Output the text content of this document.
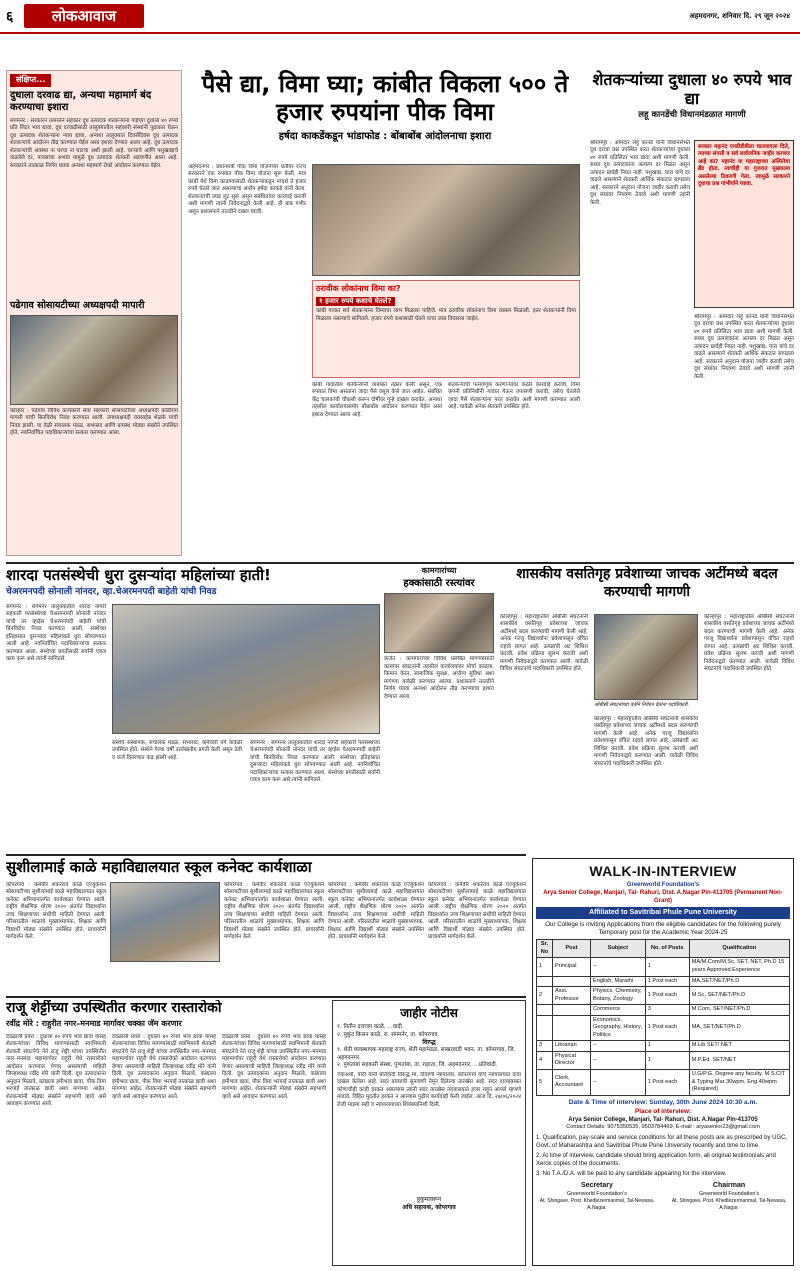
६	लोकआवाज	अहमदनगर, शनिवार दि. २९ जून २०२४
संक्षिप्त...
दुधाला दरवाढ द्या, अन्यथा महामार्ग बंद करण्याचा इशारा
संगमनेर : सरकारने तत्परतेने सहकार दूध उत्पादक शेतकऱ्यांना गाईच्या दुधाला ४० रुपये प्रति लिटर भाव द्यावा, दूध दरवाढीसाठी तालुक्यातील सहकारी संस्थांनी पुढाकार घेऊन दूध उत्पादक शेतकऱ्यांना न्याय द्यावा, अन्यथा तालुक्यात दिवसेंदिवस दूध उत्पादक शेतकऱ्यांचे आंदोलन तीव्र करण्यात येईल असा इशारा देण्यात आला आहे. दूध उत्पादक शेतकऱ्यांची अवस्था ना घरचा ना घाटचा अशी झाली आहे. चाऱ्याचे आणि पशुखाद्याचे वाढलेले दर, पावसाचा अभाव यामुळे दूध उत्पादक शेतकरी अडचणीत आला आहे. सरकारने तात्काळ निर्णय घ्यावा अन्यथा महामार्ग रोको आंदोलन करण्यात येईल.
पढेगाव सोसायटीच्या अध्यक्षपदी मापारी
कोल्हार : पढेगाव विविध कार्यकारी सेवा सहकारी सोसायटीच्या अध्यक्षपदी कोंडीराम मापारी यांची बिनविरोध निवड करण्यात आली. उपाध्यक्षपदी रावसाहेब शेळके यांची निवड झाली. या वेळी संचालक मंडळ, सभासद आणि ग्रामस्थ मोठ्या संख्येने उपस्थित होते. नवनिर्वाचित पदाधिकाऱ्यांचा सत्कार करण्यात आला.
पैसे द्या, विमा घ्या; कांबीत विकला ५०० ते हजार रुपयांना पीक विमा
हर्षदा काकडेंकडून भांडाफोड : बोंबाबोंब आंदोलनाचा इशारा
अहमदनगर : प्रधानमंत्री पीक विमा योजनेच्या धर्तीवर राज्य सरकारने एक रुपयात पीक विमा योजना सुरू केली. मात्र कांबी येथे विमा काढण्यासाठी शेतकऱ्यांकडून पाचशे ते हजार रुपये घेतले जात असल्याचा आरोप हर्षदा काकडे यांनी केला. शेतकऱ्यांची उघड लूट सुरू असून संबंधितांवर कारवाई करावी अशी मागणी त्यांनी निवेदनाद्वारे केली आहे. ही बाब गंभीर असून प्रशासनाने तातडीने दखल घ्यावी.
ठरावीक लोकांनाच विमा का?
१ हजार रुपये कशाचे घेतले?
कांबी गावात सर्व शेतकऱ्यांना विम्याचा लाभ मिळाला पाहिजे. मात्र ठरावीक लोकांनाच विमा रक्कम मिळाली. इतर शेतकऱ्यांनी विमा मिळाला नसल्याचे सांगितले. हजार रुपये कशासाठी घेतले याचा जाब विचारला जाईल.
कांबी गावातील शेतकऱ्यांनी याबाबत तक्रार केली असून, एक रुपयात विमा असताना जादा पैसे वसूल केले जात आहेत. संबंधित केंद्र चालकांची चौकशी करून दोषींवर गुन्हे दाखल करावेत. अन्यथा तहसील कार्यालयासमोर बोंबाबोंब आंदोलन करण्यात येईल असा इशारा देण्यात आला आहे.
शेतकऱ्यांची फसवणूक करणाऱ्यांवर कठोर कारवाई करावी, विमा कंपनी प्रतिनिधींनी गावात येऊन तपासणी करावी, तसेच घेतलेले जादा पैसे शेतकऱ्यांना परत करावेत अशी मागणी करण्यात आली आहे. यावेळी अनेक शेतकरी उपस्थित होते.
शेतकऱ्यांच्या दुधाला ४० रुपये भाव द्या
लहू कानडेंची विधानमंडळात मागणी
श्रीरामपूर : आमदार लहू कानडे यांनी विधानसभेत दूध दराचा प्रश्न उपस्थित करत शेतकऱ्यांच्या दुधाला ४० रुपये प्रतिलिटर भाव द्यावा अशी मागणी केली. सध्या दूध उत्पादकांना अत्यल्प दर मिळत असून उत्पादन खर्चही निघत नाही. पशुखाद्य, चारा यांचे दर वाढले असल्याने शेतकरी आर्थिक संकटात सापडला आहे. सरकारने अनुदान योजना जाहीर करावी तसेच दूध संघांवर नियंत्रण ठेवावे अशी मागणी त्यांनी केली.
सरकार महानंद एनडीडीबीला चालवायला दिले, त्याच्या संपत्ती व सर्व सार्वजनिक जाहीर करणार आहे का? महानंद या महाराष्ट्राच्या अस्मितेचा ब्रँड होता. त्याचीही या गुजरात मुख्यालय असलेल्या ठिकाणी गेला. त्यामुळे सरकारने दुधाचा प्रश्न गांभीर्याने घ्यावा.
श्रीरामपूर : आमदार लहू कानडे यांनी विधानसभेत दूध दराचा प्रश्न उपस्थित करत शेतकऱ्यांच्या दुधाला ४० रुपये प्रतिलिटर भाव द्यावा अशी मागणी केली. सध्या दूध उत्पादकांना अत्यल्प दर मिळत असून उत्पादन खर्चही निघत नाही. पशुखाद्य, चारा यांचे दर वाढले असल्याने शेतकरी आर्थिक संकटात सापडला आहे. सरकारने अनुदान योजना जाहीर करावी तसेच दूध संघांवर नियंत्रण ठेवावे अशी मागणी त्यांनी केली.
शारदा पतसंस्थेची धुरा दुसऱ्यांदा महिलांच्या हाती!
चेअरमनपदी सोनाली नांनदर, व्हा.चेअरमनपदी बाहेती यांची निवड
संगमनेर : संगमनेर तालुक्यातील शारदा नागरी सहकारी पतसंस्थेच्या चेअरमनपदी सोनाली नांनदर यांची तर व्हाईस चेअरमनपदी बाहेती यांची बिनविरोध निवड करण्यात आली. संस्थेच्या इतिहासात दुसऱ्यांदा महिलांकडे धुरा सोपवण्यात आली आहे. नवनिर्वाचित पदाधिकाऱ्यांचा सत्कार करण्यात आला. संस्थेच्या प्रगतीसाठी सर्वांनी एकत्र काम करू असे त्यांनी सांगितले.
संस्थेचे संस्थापक, संचालक मंडळ, सभासद, कर्मचारी वर्ग यावेळी उपस्थित होते. संस्थेने गेल्या वर्षी उल्लेखनीय प्रगती केली असून ठेवी व कर्ज वितरणात वाढ झाली आहे.
संगमनेर : संगमनेर तालुक्यातील शारदा नागरी सहकारी पतसंस्थेच्या चेअरमनपदी सोनाली नांनदर यांची तर व्हाईस चेअरमनपदी बाहेती यांची बिनविरोध निवड करण्यात आली. संस्थेच्या इतिहासात दुसऱ्यांदा महिलांकडे धुरा सोपवण्यात आली आहे. नवनिर्वाचित पदाधिकाऱ्यांचा सत्कार करण्यात आला. संस्थेच्या प्रगतीसाठी सर्वांनी एकत्र काम करू असे त्यांनी सांगितले.
कामगारांच्या
हक्कांसाठी रस्त्यांवर
कर्जत : कामगारांच्या विविध प्रलंबित मागण्यांसाठी कामगार संघटनांनी तहसील कार्यालयावर मोर्चा काढला. किमान वेतन, सामाजिक सुरक्षा, आरोग्य सुविधा अशा मागण्या यावेळी करण्यात आल्या. प्रशासनाने तातडीने निर्णय घ्यावा अन्यथा आंदोलन तीव्र करण्याचा इशारा देण्यात आला.
शासकीय वसतिगृह प्रवेशाच्या जाचक अटींमध्ये बदल करण्याची मागणी
कोल्हापूर : महाराष्ट्रातील ओबीसी संघटनांनी शासकीय वसतिगृह प्रवेशाच्या जाचक अटींमध्ये बदल करण्याची मागणी केली आहे. अनेक गरजू विद्यार्थ्यांना प्रवेशापासून वंचित राहावे लागत आहे. उत्पन्नाची अट शिथिल करावी, प्रवेश प्रक्रिया सुलभ करावी अशी मागणी निवेदनाद्वारे करण्यात आली. यावेळी विविध संघटनांचे पदाधिकारी उपस्थित होते.
ओबीसी संघटनांच्या वतीने निवेदन देताना पदाधिकारी.
कोल्हापूर : महाराष्ट्रातील ओबीसी संघटनांनी शासकीय वसतिगृह प्रवेशाच्या जाचक अटींमध्ये बदल करण्याची मागणी केली आहे. अनेक गरजू विद्यार्थ्यांना प्रवेशापासून वंचित राहावे लागत आहे. उत्पन्नाची अट शिथिल करावी, प्रवेश प्रक्रिया सुलभ करावी अशी मागणी निवेदनाद्वारे करण्यात आली. यावेळी विविध संघटनांचे पदाधिकारी उपस्थित होते.
कोल्हापूर : महाराष्ट्रातील ओबीसी संघटनांनी शासकीय वसतिगृह प्रवेशाच्या जाचक अटींमध्ये बदल करण्याची मागणी केली आहे. अनेक गरजू विद्यार्थ्यांना प्रवेशापासून वंचित राहावे लागत आहे. उत्पन्नाची अट शिथिल करावी, प्रवेश प्रक्रिया सुलभ करावी अशी मागणी निवेदनाद्वारे करण्यात आली. यावेळी विविध संघटनांचे पदाधिकारी उपस्थित होते.
सुशीलामाई काळे महाविद्यालयात स्कूल कनेक्ट कार्यशाळा
कोपरगाव : कर्मवीर शंकरराव काळे एज्युकेशन सोसायटीच्या सुशीलामाई काळे महाविद्यालयात स्कूल कनेक्ट अभियानांतर्गत कार्यशाळा घेण्यात आली. राष्ट्रीय शैक्षणिक धोरण २०२० अंतर्गत विद्यार्थ्यांना उच्च शिक्षणाच्या संधींची माहिती देण्यात आली. परिसरातील शाळांचे मुख्याध्यापक, शिक्षक आणि विद्यार्थी मोठ्या संख्येने उपस्थित होते. प्राचार्यांनी मार्गदर्शन केले.
कोपरगाव : कर्मवीर शंकरराव काळे एज्युकेशन सोसायटीच्या सुशीलामाई काळे महाविद्यालयात स्कूल कनेक्ट अभियानांतर्गत कार्यशाळा घेण्यात आली. राष्ट्रीय शैक्षणिक धोरण २०२० अंतर्गत विद्यार्थ्यांना उच्च शिक्षणाच्या संधींची माहिती देण्यात आली. परिसरातील शाळांचे मुख्याध्यापक, शिक्षक आणि विद्यार्थी मोठ्या संख्येने उपस्थित होते. प्राचार्यांनी मार्गदर्शन केले.
कोपरगाव : कर्मवीर शंकरराव काळे एज्युकेशन सोसायटीच्या सुशीलामाई काळे महाविद्यालयात स्कूल कनेक्ट अभियानांतर्गत कार्यशाळा घेण्यात आली. राष्ट्रीय शैक्षणिक धोरण २०२० अंतर्गत विद्यार्थ्यांना उच्च शिक्षणाच्या संधींची माहिती देण्यात आली. परिसरातील शाळांचे मुख्याध्यापक, शिक्षक आणि विद्यार्थी मोठ्या संख्येने उपस्थित होते. प्राचार्यांनी मार्गदर्शन केले.
कोपरगाव : कर्मवीर शंकरराव काळे एज्युकेशन सोसायटीच्या सुशीलामाई काळे महाविद्यालयात स्कूल कनेक्ट अभियानांतर्गत कार्यशाळा घेण्यात आली. राष्ट्रीय शैक्षणिक धोरण २०२० अंतर्गत विद्यार्थ्यांना उच्च शिक्षणाच्या संधींची माहिती देण्यात आली. परिसरातील शाळांचे मुख्याध्यापक, शिक्षक आणि विद्यार्थी मोठ्या संख्येने उपस्थित होते. प्राचार्यांनी मार्गदर्शन केले.
राजू शेट्टींच्या उपस्थितीत करणार रास्तारोको
रवींद्र मोरे : राहुरीत नगर–मनमाड मार्गावर चक्का जॅम करणार
देवळाली प्रवरा : दुधाला ४० रुपये भाव द्यावा यासह शेतकऱ्यांच्या विविध मागण्यांसाठी स्वाभिमानी शेतकरी संघटनेचे नेते राजू शेट्टी यांच्या उपस्थितीत नगर–मनमाड महामार्गावर राहुरी येथे रास्तारोको आंदोलन करण्यात येणार असल्याची माहिती जिल्हाध्यक्ष रवींद्र मोरे यांनी दिली. दूध उत्पादकांना अनुदान मिळावे, कांद्याला हमीभाव द्यावा, पीक विमा भरपाई तात्काळ द्यावी अशा मागण्या आहेत. शेतकऱ्यांनी मोठ्या संख्येने सहभागी व्हावे असे आवाहन करण्यात आले.
देवळाली प्रवरा : दुधाला ४० रुपये भाव द्यावा यासह शेतकऱ्यांच्या विविध मागण्यांसाठी स्वाभिमानी शेतकरी संघटनेचे नेते राजू शेट्टी यांच्या उपस्थितीत नगर–मनमाड महामार्गावर राहुरी येथे रास्तारोको आंदोलन करण्यात येणार असल्याची माहिती जिल्हाध्यक्ष रवींद्र मोरे यांनी दिली. दूध उत्पादकांना अनुदान मिळावे, कांद्याला हमीभाव द्यावा, पीक विमा भरपाई तात्काळ द्यावी अशा मागण्या आहेत. शेतकऱ्यांनी मोठ्या संख्येने सहभागी व्हावे असे आवाहन करण्यात आले.
देवळाली प्रवरा : दुधाला ४० रुपये भाव द्यावा यासह शेतकऱ्यांच्या विविध मागण्यांसाठी स्वाभिमानी शेतकरी संघटनेचे नेते राजू शेट्टी यांच्या उपस्थितीत नगर–मनमाड महामार्गावर राहुरी येथे रास्तारोको आंदोलन करण्यात येणार असल्याची माहिती जिल्हाध्यक्ष रवींद्र मोरे यांनी दिली. दूध उत्पादकांना अनुदान मिळावे, कांद्याला हमीभाव द्यावा, पीक विमा भरपाई तात्काळ द्यावी अशा मागण्या आहेत. शेतकऱ्यांनी मोठ्या संख्येने सहभागी व्हावे असे आवाहन करण्यात आले.
जाहीर नोटीस
१. नितीन दत्तात्रय काळे, ...वादी.
२. मुकुंद किसन काळे, रा. संगमनेर, ता. कोपरगाव.
विरुद्ध
१. शेती व्यवस्थापक महाराष्ट्र राज्य, शेती महामंडळ, साखरवाडी भवन, ता. कोपरगाव, जि. अहमदनगर.
२. पुणतांबा सहकारी संस्था, पुणतांबा, ता. राहाता, जि. अहमदनगर. ...प्रतिवादी.
ज्याअर्थी, वादी यांनी प्रतिवादी विरुद्ध मा. दिवाणी न्यायालय, कोपरगाव यांचे न्यायालयात दावा दाखल केलेला आहे. सदर दाव्याची सुनावणी नेमून दिलेल्या तारखेस आहे. सदर दाव्याबाबत कोणाचीही काही हरकत असल्यास त्यांनी सदर तारखेस न्यायालयात हजर राहून आपले म्हणणे मांडावे. विहित मुदतीत हरकत न आल्यास पुढील कार्यवाही केली जाईल. आज दि. २७/०६/२०२४ रोजी माझ्या सही व न्यायालयाच्या शिक्क्यानिशी दिली.
हुकुमावरून
अधि सहायक, कोपरगाव
WALK-IN-INTERVIEW
Greenworld Foundation's
Arya Senior College, Manjari, Tal- Rahuri, Dist. A.Nagar Pin-413705 (Permanent Non-Grant)
Affiliated to Savitribai Phule Pune University
Our College is inviting Applications from the eligible candidates for the following purely Temporary post for the Academic Year 2024-25
Sr. No	Post	Subject	No. of Posts	Qualification
1	Principal	--	1	MA/M.Com/M.Sc, SET, NET, Ph.D 15 years Approved Experience
		English, Marathi	1 Post each	MA,SET/NET/Ph.D
2	Asst. Professor	Physics, Chemistry, Botany, Zoology	1 Post each	M.Sc, SET/NET/Ph.D
		Commerce	3	M.Com, SET/NET/Ph.D
		Economics, Geography, History, Politics	1 Post each	MA, SET/NET/Ph.D
3	Librarian	--	1	M.Lib SET/ NET
4	Physical Director	--	1	M.P.Ed. SET/NET
5	Clerk, Accountant	--	1 Post each	U.G/P.G. Degree any faculty. M.S.CIT & Typing Mar 30wpm, Eng.40wpm (Required)
Date & Time of interview: Sunday, 30th June 2024 10:30 a.m.
Place of interview:
Arya Senior College, Manjari, Tal- Rahuri, Dist. A.Nagar Pin-413705
Contact Details: 9075350535, 9503784469, E-mail : aryasenior23@gmail.com
1. Qualification, pay-scale and service conditions for all these posts are as prescribed by UGC, Govt. of Maharashtra and Savitribai Phule Pune University recently and time to time.
2. At time of interview, candidate should bring application form, all original testimonials and Xerox copies of the documents.
3. No T.A./D.A. will be paid to any candidate appearing for the interview.
Secretary
Greenworld Foundation's
At. Shingave, Post. Khedlezermanmal, Tal-Newasa, A.Nagar.
Chairman
Greenworld Foundation's
At. Shingave, Post. Khedlezermanmal, Tal-Newasa, A.Nagar.
